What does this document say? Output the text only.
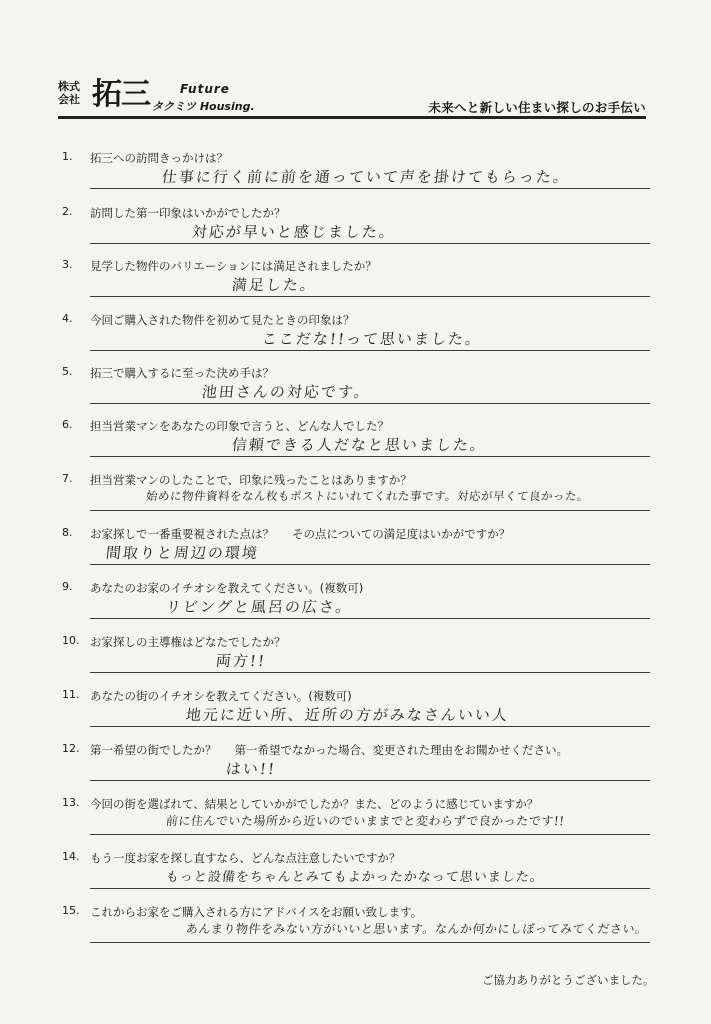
株式
会社 拓三	Future
タクミツ Housing.	未来へと新しい住まい探しのお手伝い
1. 拓三への訪問きっかけは？
仕事に行く前に前を通っていて声を掛けてもらった。
2. 訪問した第一印象はいかがでしたか？
対応が早いと感じました。
3. 見学した物件のバリエーションには満足されましたか？
満足した。
4. 今回ご購入された物件を初めて見たときの印象は？
ここだな!!って思いました。
5. 拓三で購入するに至った決め手は？
池田さんの対応です。
6. 担当営業マンをあなたの印象で言うと、どんな人でした？
信頼できる人だなと思いました。
7. 担当営業マンのしたことで、印象に残ったことはありますか？
始めに物件資料をなん枚もポストにいれてくれた事です。対応が早くて良かった。
8. お家探しで一番重要視された点は？ その点についての満足度はいかがですか？
間取りと周辺の環境
9. あなたのお家のイチオシを教えてください。(複数可)
リビングと風呂の広さ。
10. お家探しの主導権はどなたでしたか？
両方!!
11. あなたの街のイチオシを教えてください。(複数可)
地元に近い所、近所の方がみなさんいい人
12. 第一希望の街でしたか？ 第一希望でなかった場合、変更された理由をお聞かせください。
はい!!
13. 今回の街を選ばれて、結果としていかがでしたか？また、どのように感じていますか？
前に住んでいた場所から近いのでいままでと変わらずで良かったです!!
14. もう一度お家を探し直すなら、どんな点注意したいですか？
もっと設備をちゃんとみてもよかったかなって思いました。
15. これからお家をご購入される方にアドバイスをお願い致します。
あんまり物件をみない方がいいと思います。なんか何かにしぼってみてください。
ご協力ありがとうございました。
